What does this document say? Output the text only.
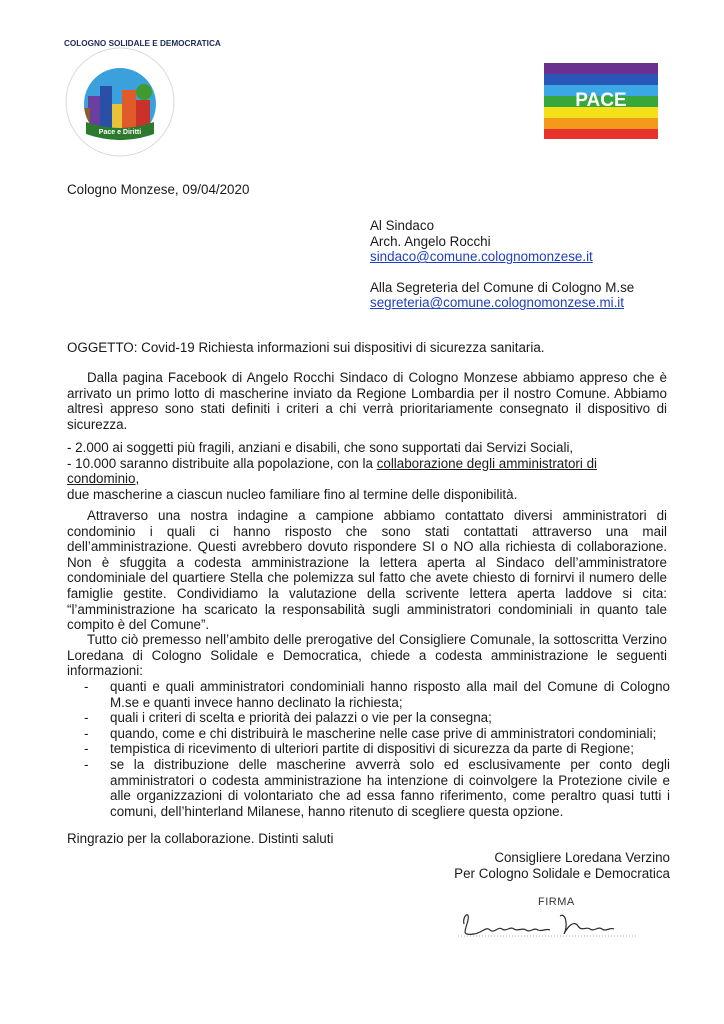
COLOGNO SOLIDALE E DEMOCRATICA
Pace e Diritti
PACE
Cologno Monzese, 09/04/2020
Al Sindaco
Arch. Angelo Rocchi
sindaco@comune.colognomonzese.it
Alla Segreteria del Comune di Cologno M.se
segreteria@comune.colognomonzese.mi.it
OGGETTO: Covid-19 Richiesta informazioni sui dispositivi di sicurezza sanitaria.
Dalla pagina Facebook di Angelo Rocchi Sindaco di Cologno Monzese abbiamo appreso che è arrivato un primo lotto di mascherine inviato da Regione Lombardia per il nostro Comune. Abbiamo altresì appreso sono stati definiti i criteri a chi verrà prioritariamente consegnato il dispositivo di sicurezza.
- 2.000 ai soggetti più fragili, anziani e disabili, che sono supportati dai Servizi Sociali,
- 10.000 saranno distribuite alla popolazione, con la collaborazione degli amministratori di condominio,
due mascherine a ciascun nucleo familiare fino al termine delle disponibilità.
Attraverso una nostra indagine a campione abbiamo contattato diversi amministratori di condominio i quali ci hanno risposto che sono stati contattati attraverso una mail dell’amministrazione. Questi avrebbero dovuto rispondere SI o NO alla richiesta di collaborazione. Non è sfuggita a codesta amministrazione la lettera aperta al Sindaco dell’amministratore condominiale del quartiere Stella che polemizza sul fatto che avete chiesto di fornirvi il numero delle famiglie gestite. Condividiamo la valutazione della scrivente lettera aperta laddove si cita: “l’amministrazione ha scaricato la responsabilità sugli amministratori condominiali in quanto tale compito è del Comune”.
Tutto ciò premesso nell’ambito delle prerogative del Consigliere Comunale, la sottoscritta Verzino Loredana di Cologno Solidale e Democratica, chiede a codesta amministrazione le seguenti informazioni:
- quanti e quali amministratori condominiali hanno risposto alla mail del Comune di Cologno M.se e quanti invece hanno declinato la richiesta;
- quali i criteri di scelta e priorità dei palazzi o vie per la consegna;
- quando, come e chi distribuirà le mascherine nelle case prive di amministratori condominiali;
- tempistica di ricevimento di ulteriori partite di dispositivi di sicurezza da parte di Regione;
- se la distribuzione delle mascherine avverrà solo ed esclusivamente per conto degli amministratori o codesta amministrazione ha intenzione di coinvolgere la Protezione civile e alle organizzazioni di volontariato che ad essa fanno riferimento, come peraltro quasi tutti i comuni, dell’hinterland Milanese, hanno ritenuto di scegliere questa opzione.
Ringrazio per la collaborazione. Distinti saluti
Consigliere Loredana Verzino
Per Cologno Solidale e Democratica
FIRMA
